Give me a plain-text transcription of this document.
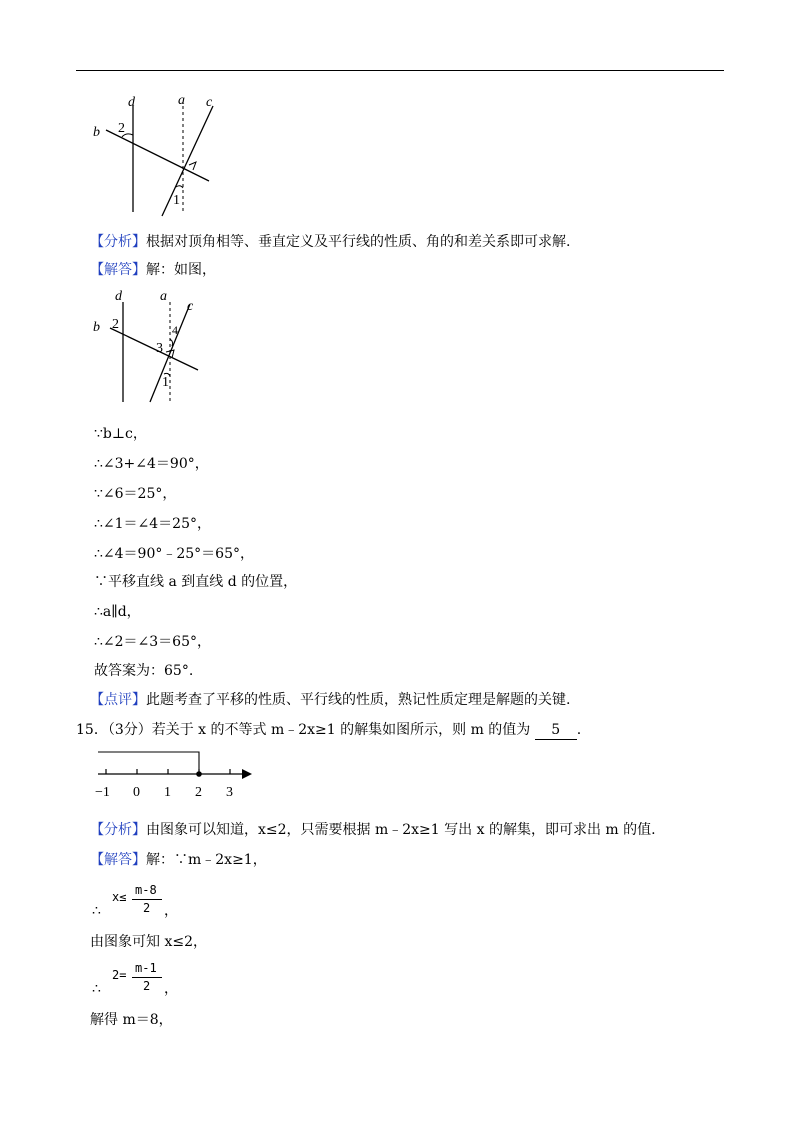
d	a c
b 2
1
【分析】根据对顶角相等、垂直定义及平行线的性质、角的和差关系即可求解.
【解答】解：如图，
d	a
c
b 2	4
3
1
∵b⊥c，
∴∠3+∠4＝90°，
∵∠6＝25°，
∴∠1＝∠4＝25°，
∴∠4＝90°﹣25°＝65°，
∵平移直线 a 到直线 d 的位置，
∴a∥d，
∴∠2＝∠3＝65°，
故答案为：65°.
【点评】此题考查了平移的性质、平行线的性质，熟记性质定理是解题的关键.
15．（3分）若关于 x 的不等式 m﹣2x≥1 的解集如图所示，则 m 的值为 5 .
−1 0 1 2 3
【分析】由图象可以知道，x≤2，只需要根据 m﹣2x≥1 写出 x 的解集，即可求出 m 的值.
【解答】解：∵m﹣2x≥1，
∴
x≤ m-8
2 ，
由图象可知 x≤2，
∴
2= m-1
2 ，
解得 m＝8，
